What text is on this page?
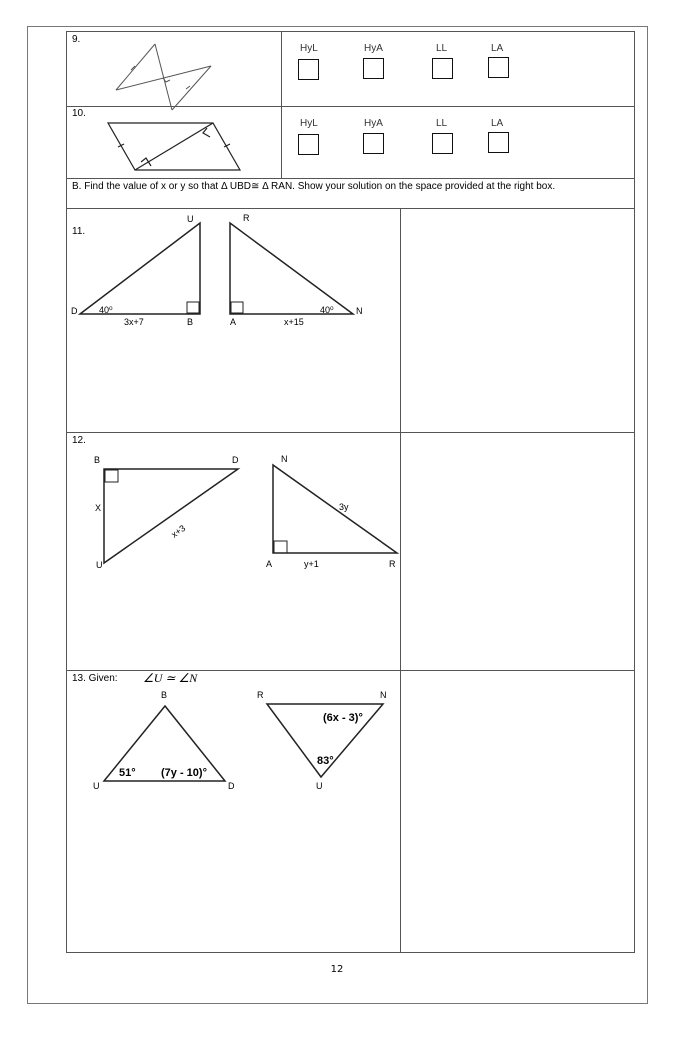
9.
10.
B. Find the value of x or y so that Δ UBD≅ Δ RAN. Show your solution on the space provided at the right box.
11.
12.
13. Given: ∠U ≃ ∠N
HyL	HyA	LL	LA
HyL	HyA	LL	LA
U
D
B
40⁰
3x+7
R
A
N
40⁰
x+15
B	D
U
X
x+3
N
A	R
3y
y+1
B
U	D
51° (7y - 10)°
R	N
U
(6x - 3)°
83°
12
